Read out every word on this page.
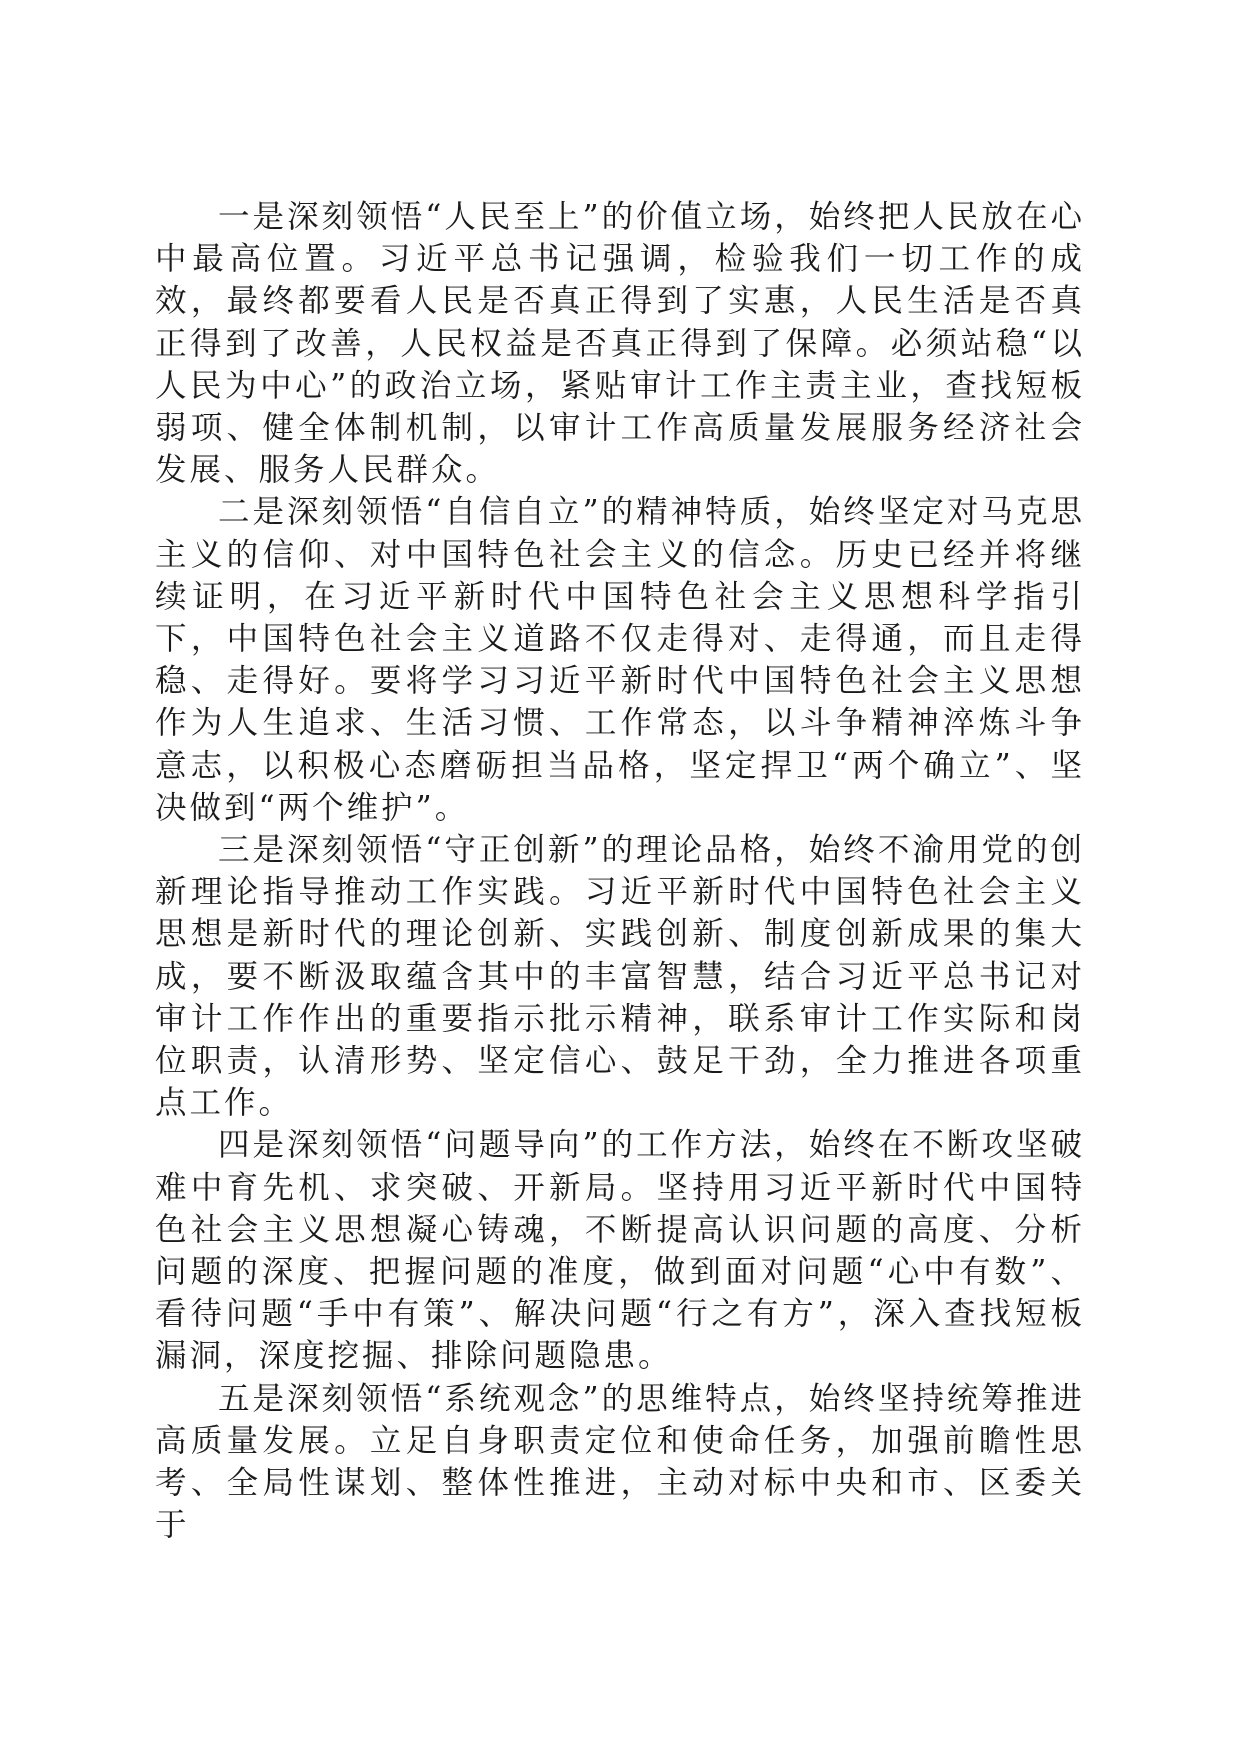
一是深刻领悟“人民至上”的价值立场，始终把人民放在心中最高位置。习近平总书记强调，检验我们一切工作的成效，最终都要看人民是否真正得到了实惠，人民生活是否真正得到了改善，人民权益是否真正得到了保障。必须站稳“以人民为中心”的政治立场，紧贴审计工作主责主业，查找短板弱项、健全体制机制，以审计工作高质量发展服务经济社会发展、服务人民群众。

二是深刻领悟“自信自立”的精神特质，始终坚定对马克思主义的信仰、对中国特色社会主义的信念。历史已经并将继续证明，在习近平新时代中国特色社会主义思想科学指引下，中国特色社会主义道路不仅走得对、走得通，而且走得稳、走得好。要将学习习近平新时代中国特色社会主义思想作为人生追求、生活习惯、工作常态，以斗争精神淬炼斗争意志，以积极心态磨砺担当品格，坚定捍卫“两个确立”、坚决做到“两个维护”。

三是深刻领悟“守正创新”的理论品格，始终不渝用党的创新理论指导推动工作实践。习近平新时代中国特色社会主义思想是新时代的理论创新、实践创新、制度创新成果的集大成，要不断汲取蕴含其中的丰富智慧，结合习近平总书记对审计工作作出的重要指示批示精神，联系审计工作实际和岗位职责，认清形势、坚定信心、鼓足干劲，全力推进各项重点工作。

四是深刻领悟“问题导向”的工作方法，始终在不断攻坚破难中育先机、求突破、开新局。坚持用习近平新时代中国特色社会主义思想凝心铸魂，不断提高认识问题的高度、分析问题的深度、把握问题的准度，做到面对问题“心中有数”、看待问题“手中有策”、解决问题“行之有方”，深入查找短板漏洞，深度挖掘、排除问题隐患。

五是深刻领悟“系统观念”的思维特点，始终坚持统筹推进高质量发展。立足自身职责定位和使命任务，加强前瞻性思考、全局性谋划、整体性推进，主动对标中央和市、区委关于
